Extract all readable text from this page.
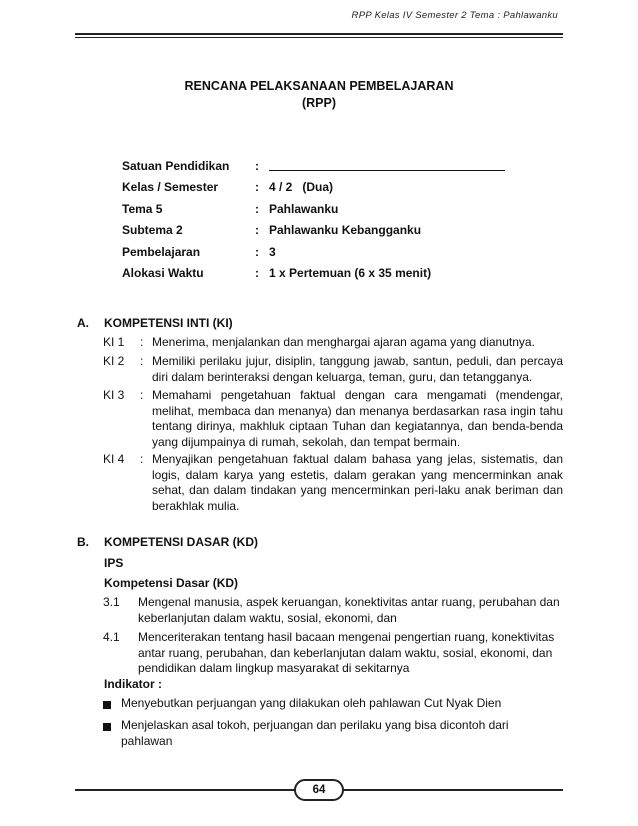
RPP Kelas IV Semester 2 Tema : Pahlawanku
RENCANA PELAKSANAAN PEMBELAJARAN
(RPP)
Satuan Pendidikan	:
Kelas / Semester	: 4 / 2   (Dua)
Tema 5	: Pahlawanku
Subtema 2	: Pahlawanku Kebangganku
Pembelajaran	: 3
Alokasi Waktu	: 1 x Pertemuan (6 x 35 menit)
A. KOMPETENSI INTI (KI)
KI 1	: Menerima, menjalankan dan menghargai ajaran agama yang dianutnya.
KI 2	: Memiliki perilaku jujur, disiplin, tanggung jawab, santun, peduli, dan percaya diri dalam berinteraksi dengan keluarga, teman, guru, dan tetangganya.
KI 3	: Memahami pengetahuan faktual dengan cara mengamati (mendengar, melihat, membaca dan menanya) dan menanya berdasarkan rasa ingin tahu tentang dirinya, makhluk ciptaan Tuhan dan kegiatannya, dan benda-benda yang dijumpainya di rumah, sekolah, dan tempat bermain.
KI 4	: Menyajikan pengetahuan faktual dalam bahasa yang jelas, sistematis, dan logis, dalam karya yang estetis, dalam gerakan yang mencerminkan anak sehat, dan dalam tindakan yang mencerminkan peri-laku anak beriman dan berakhlak mulia.
B. KOMPETENSI DASAR (KD)
IPS
Kompetensi Dasar (KD)
3.1	Mengenal manusia, aspek keruangan, konektivitas antar ruang, perubahan dan keberlanjutan dalam waktu, sosial, ekonomi, dan
4.1	Menceriterakan tentang hasil bacaan mengenai pengertian ruang, konektivitas antar ruang, perubahan, dan keberlanjutan dalam waktu, sosial, ekonomi, dan pendidikan dalam lingkup masyarakat di sekitarnya
Indikator :
Menyebutkan perjuangan yang dilakukan oleh pahlawan Cut Nyak Dien
Menjelaskan asal tokoh, perjuangan dan perilaku yang bisa dicontoh dari pahlawan
64
